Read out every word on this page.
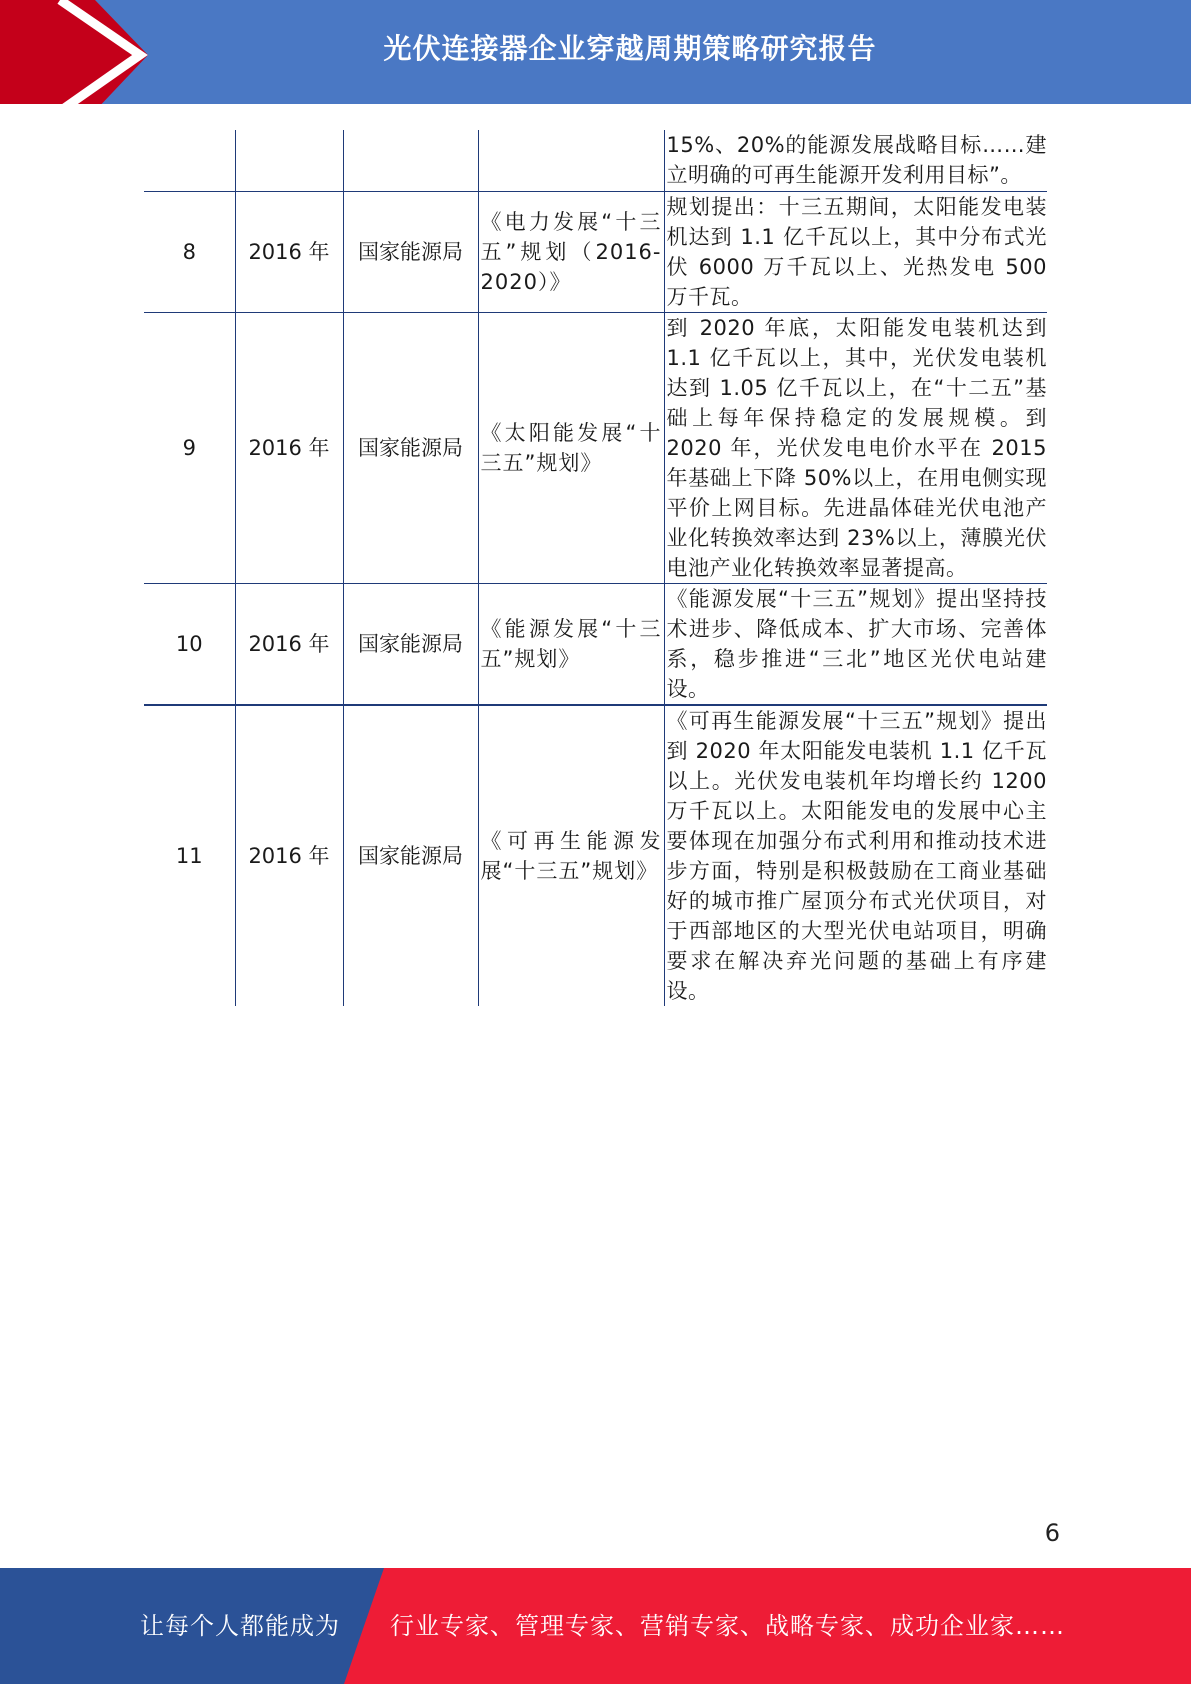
光伏连接器企业穿越周期策略研究报告
				15%、20%的能源发展战略目标……建立明确的可再生能源开发利用目标”。
8	2016 年	国家能源局	《电力发展“十三五”规划（2016-2020）》	规划提出：十三五期间，太阳能发电装机达到 1.1 亿千瓦以上，其中分布式光伏 6000 万千瓦以上、光热发电 500 万千瓦。
9	2016 年	国家能源局	《太阳能发展“十三五”规划》	到 2020 年底，太阳能发电装机达到 1.1 亿千瓦以上，其中，光伏发电装机达到 1.05 亿千瓦以上，在“十二五”基础上每年保持稳定的发展规模。到 2020 年，光伏发电电价水平在 2015 年基础上下降 50%以上，在用电侧实现平价上网目标。先进晶体硅光伏电池产业化转换效率达到 23%以上，薄膜光伏电池产业化转换效率显著提高。
10	2016 年	国家能源局	《能源发展“十三五”规划》	《能源发展“十三五”规划》提出坚持技术进步、降低成本、扩大市场、完善体系，稳步推进“三北”地区光伏电站建设。
11	2016 年	国家能源局	《可再生能源发展“十三五”规划》	《可再生能源发展“十三五”规划》提出到 2020 年太阳能发电装机 1.1 亿千瓦以上。光伏发电装机年均增长约 1200 万千瓦以上。太阳能发电的发展中心主要体现在加强分布式利用和推动技术进步方面，特别是积极鼓励在工商业基础好的城市推广屋顶分布式光伏项目，对于西部地区的大型光伏电站项目，明确要求在解决弃光问题的基础上有序建设。
6
让每个人都能成为	行业专家、管理专家、营销专家、战略专家、成功企业家……
